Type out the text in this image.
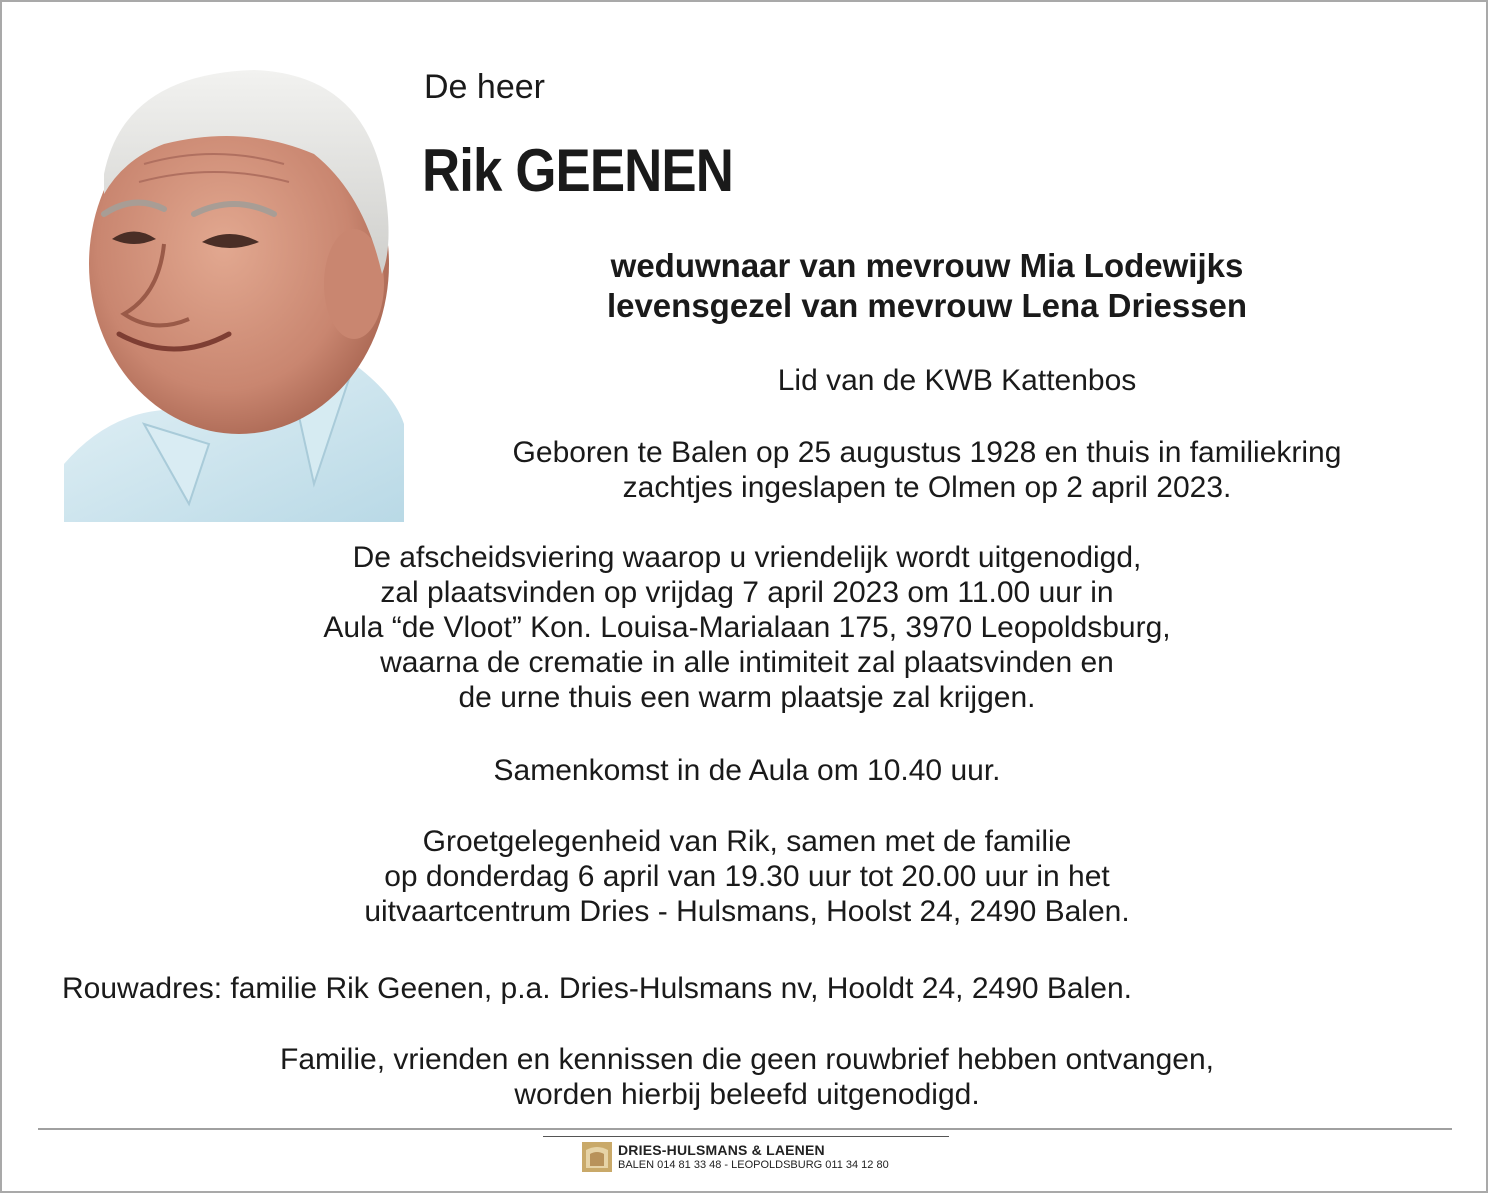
De heer

Rik GEENEN
weduwnaar van mevrouw Mia Lodewijks
levensgezel van mevrouw Lena Driessen
Lid van de KWB Kattenbos
Geboren te Balen op 25 augustus 1928 en thuis in familiekring
zachtjes ingeslapen te Olmen op 2 april 2023.
De afscheidsviering waarop u vriendelijk wordt uitgenodigd,
zal plaatsvinden op vrijdag 7 april 2023 om 11.00 uur in
Aula “de Vloot” Kon. Louisa-Marialaan 175, 3970 Leopoldsburg,
waarna de crematie in alle intimiteit zal plaatsvinden en
de urne thuis een warm plaatsje zal krijgen.
Samenkomst in de Aula om 10.40 uur.
Groetgelegenheid van Rik, samen met de familie
op donderdag 6 april van 19.30 uur tot 20.00 uur in het
uitvaartcentrum Dries - Hulsmans, Hoolst 24, 2490 Balen.
Rouwadres: familie Rik Geenen, p.a. Dries-Hulsmans nv, Hooldt 24, 2490 Balen.
Familie, vrienden en kennissen die geen rouwbrief hebben ontvangen,
worden hierbij beleefd uitgenodigd.
DRIES-HULSMANS & LAENEN
BALEN 014 81 33 48 - LEOPOLDSBURG 011 34 12 80
